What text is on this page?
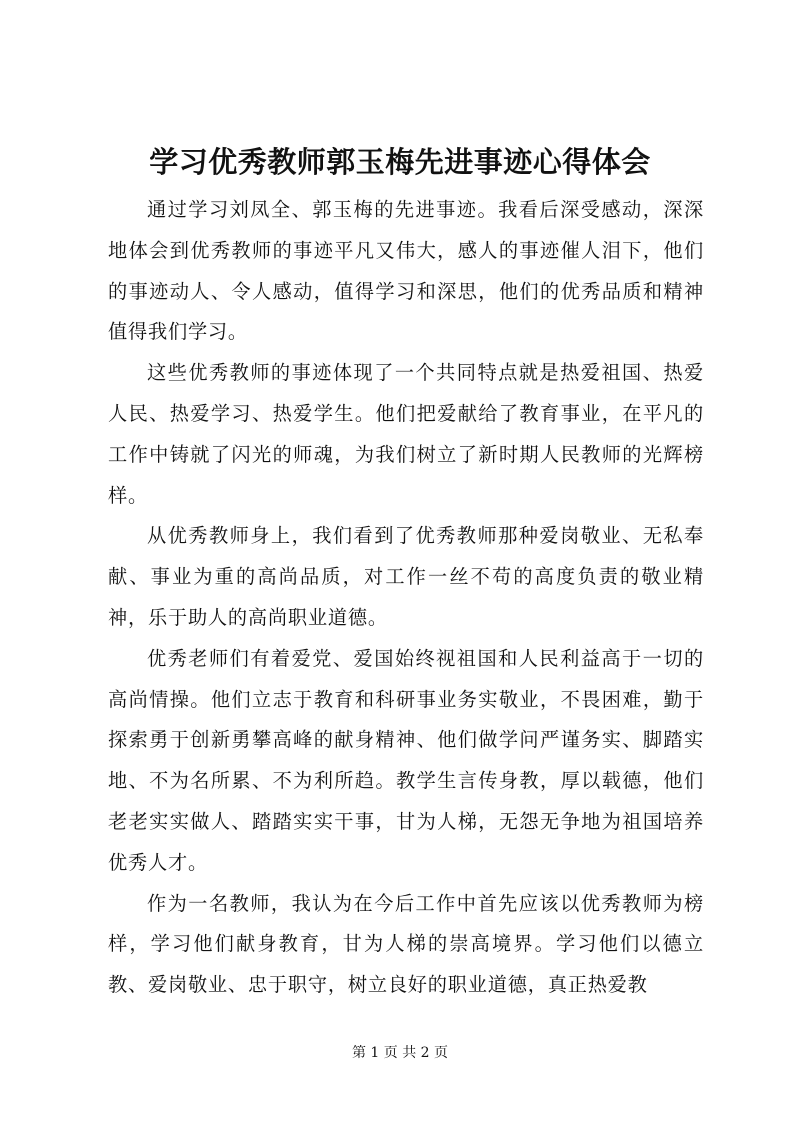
学习优秀教师郭玉梅先进事迹心得体会

通过学习刘凤全、郭玉梅的先进事迹。我看后深受感动，深深地体会到优秀教师的事迹平凡又伟大，感人的事迹催人泪下，他们的事迹动人、令人感动，值得学习和深思，他们的优秀品质和精神值得我们学习。

这些优秀教师的事迹体现了一个共同特点就是热爱祖国、热爱人民、热爱学习、热爱学生。他们把爱献给了教育事业，在平凡的工作中铸就了闪光的师魂，为我们树立了新时期人民教师的光辉榜样。

从优秀教师身上，我们看到了优秀教师那种爱岗敬业、无私奉献、事业为重的高尚品质，对工作一丝不苟的高度负责的敬业精神，乐于助人的高尚职业道德。

优秀老师们有着爱党、爱国始终视祖国和人民利益高于一切的高尚情操。他们立志于教育和科研事业务实敬业，不畏困难，勤于探索勇于创新勇攀高峰的献身精神、他们做学问严谨务实、脚踏实地、不为名所累、不为利所趋。教学生言传身教，厚以载德，他们老老实实做人、踏踏实实干事，甘为人梯，无怨无争地为祖国培养优秀人才。

作为一名教师，我认为在今后工作中首先应该以优秀教师为榜样，学习他们献身教育，甘为人梯的崇高境界。学习他们以德立教、爱岗敬业、忠于职守，树立良好的职业道德，真正热爱教

第 1 页 共 2 页
